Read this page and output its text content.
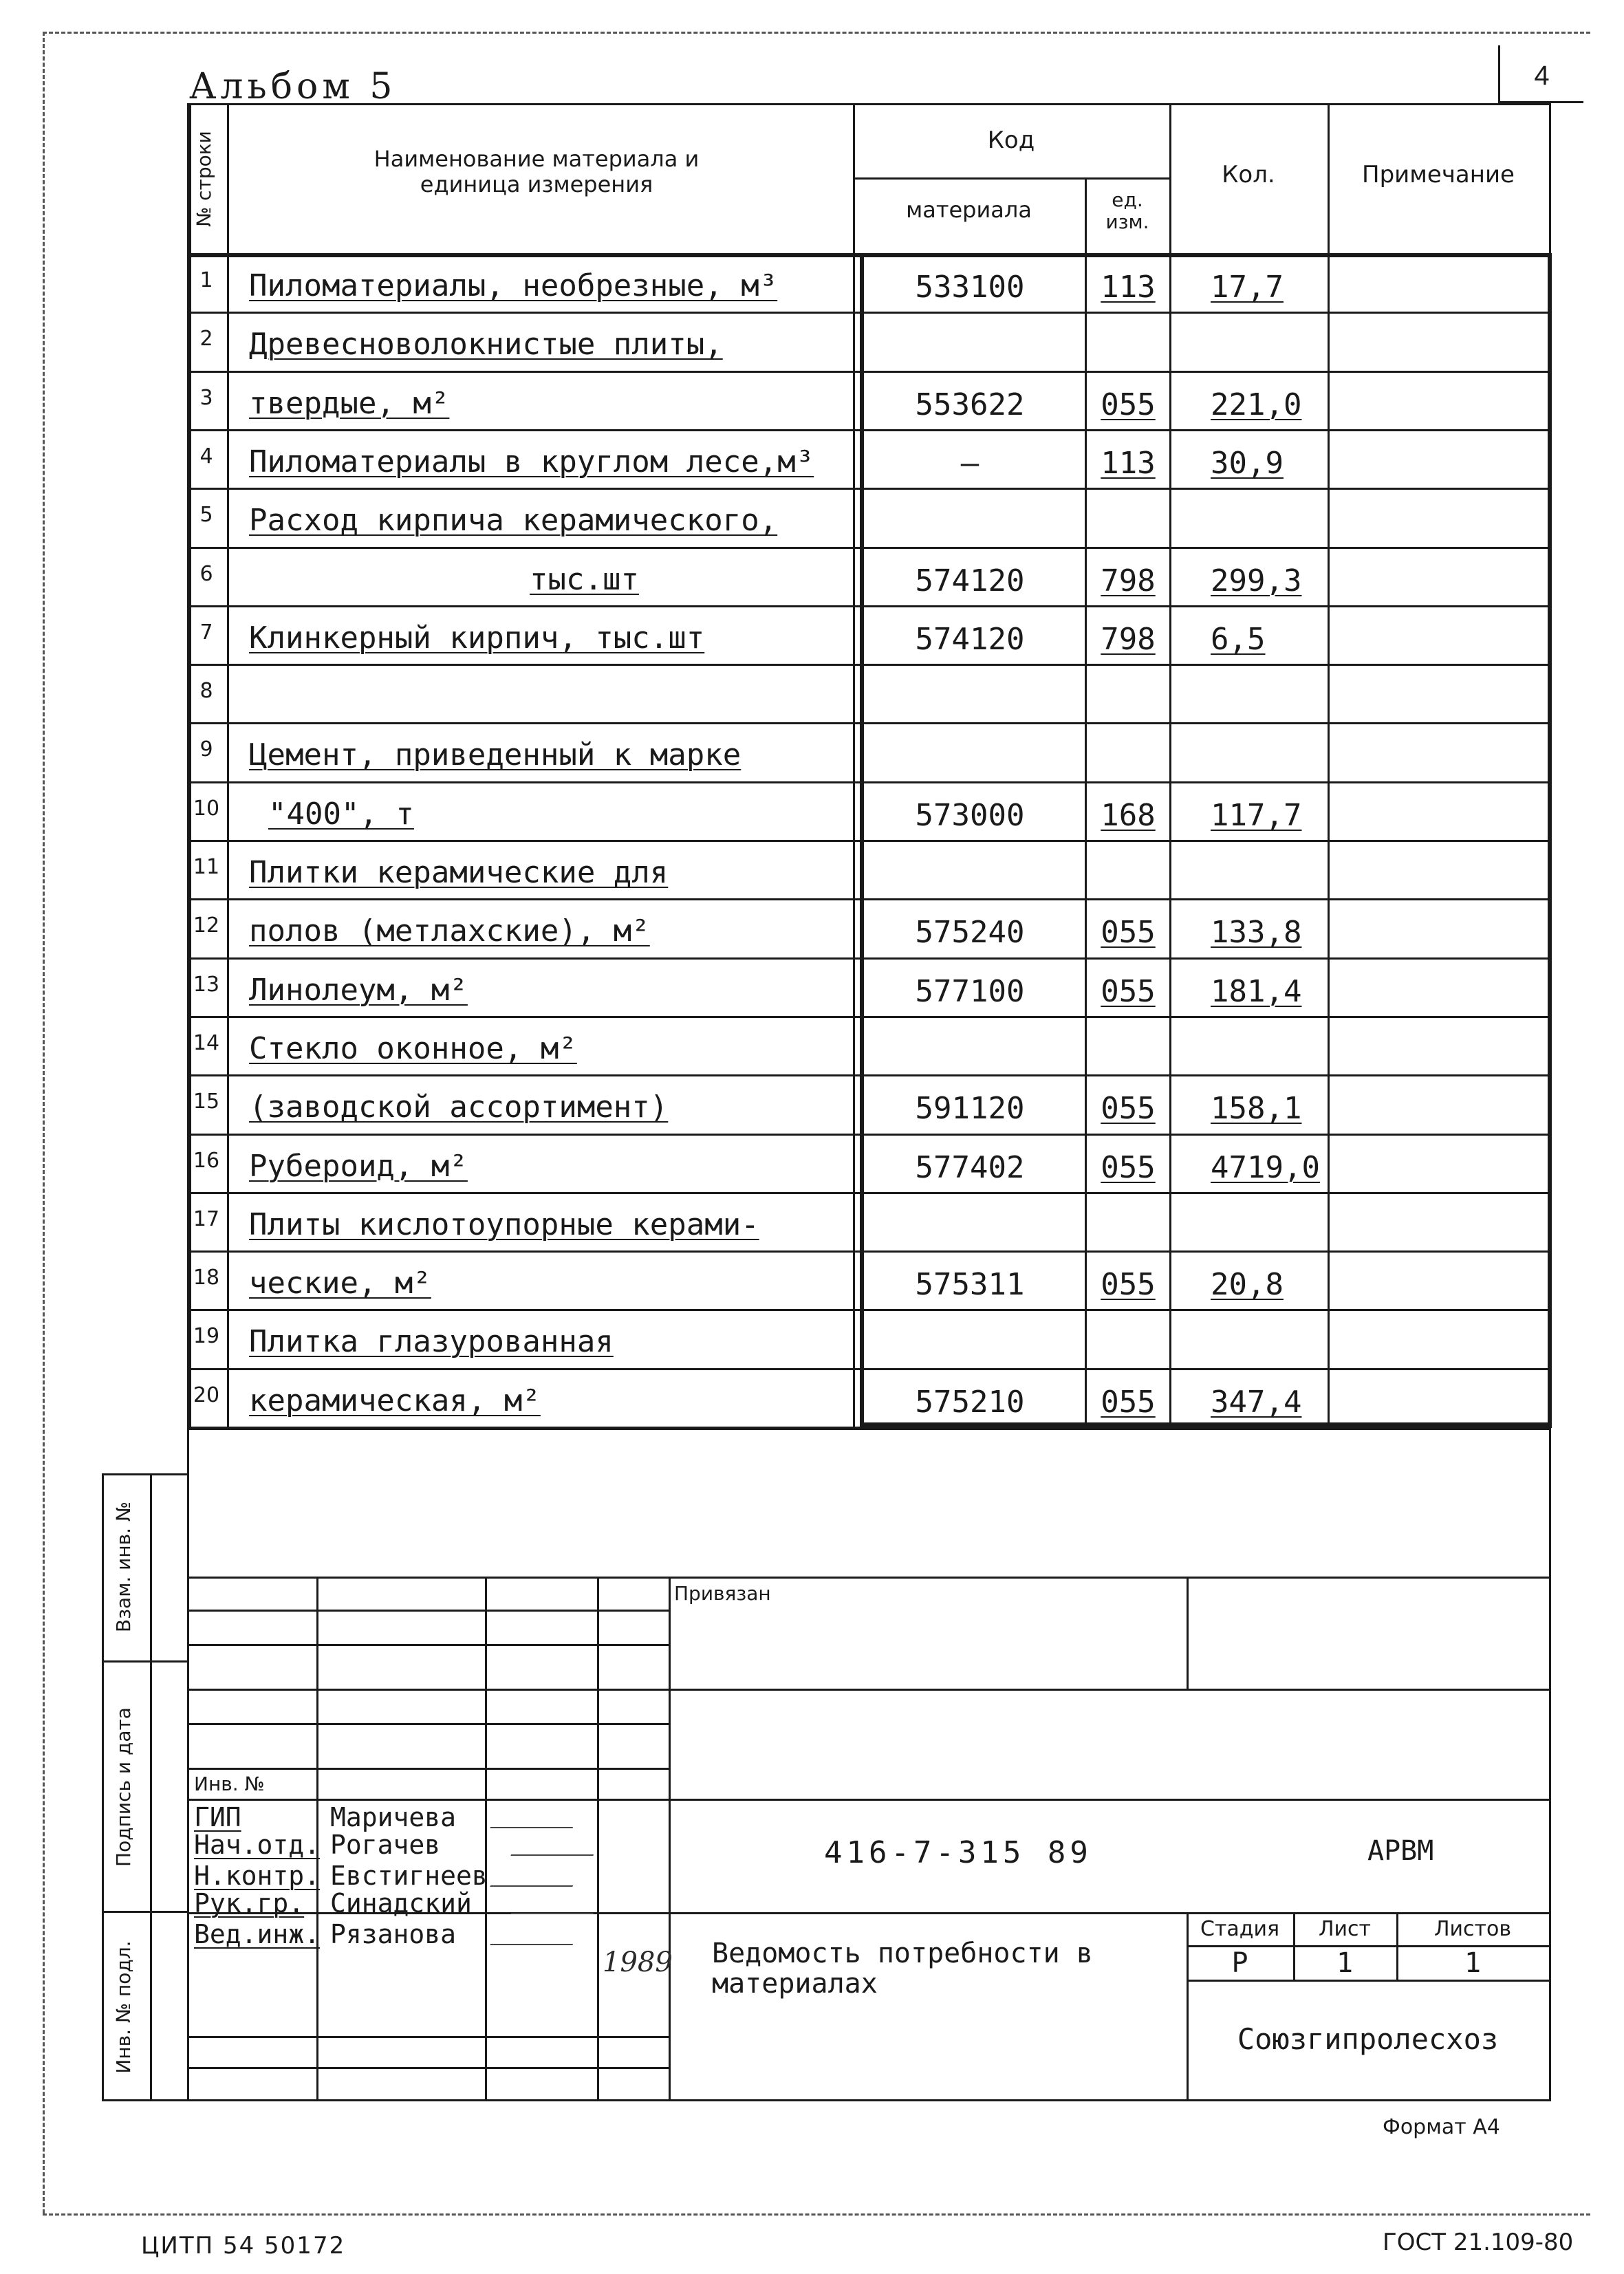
Альбом 5	4
№ строки	Наименование материала и единица измерения
Код
материала	ед. изм.
Кол.	Примечание
1 Пиломатериалы, необрезные, м³	533100	113	17,7
2 Древесноволокнистые плиты,
3 твердые, м²	553622	055	221,0
4 Пиломатериалы в круглом лесе,м³	–	113	30,9
5 Расход кирпича керамического,
6	тыс.шт	574120	798	299,3
7 Клинкерный кирпич, тыс.шт	574120	798	6,5
8
9 Цемент, приведенный к марке
10 "400", т	573000	168	117,7
11 Плитки керамические для
12 полов (метлахские), м²	575240	055	133,8
13 Линолеум, м²	577100	055	181,4
14 Стекло оконное, м²
15 (заводской ассортимент)	591120	055	158,1
16 Рубероид, м²	577402	055	4719,0
17 Плиты кислотоупорные керами-
18 ческие, м²	575311	055	20,8
19 Плитка глазурованная
20 керамическая, м²	575210	055	347,4
Взам. инв. №
Подпись и дата
Инв. № подл.
Привязан
Инв. №
ГИП	Маричева
Нач.отд. Рогачев
Н.контр. Евстигнеев
Рук.гр. Синадский
Вед.инж. Рязанова
1989
416-7-315 89	АРВМ
Ведомость потребности в материалах
Стадия	Лист	Листов
Р	1	1
Союзгипролесхоз
Формат А4
ЦИТП 54 50172	ГОСТ 21.109-80
